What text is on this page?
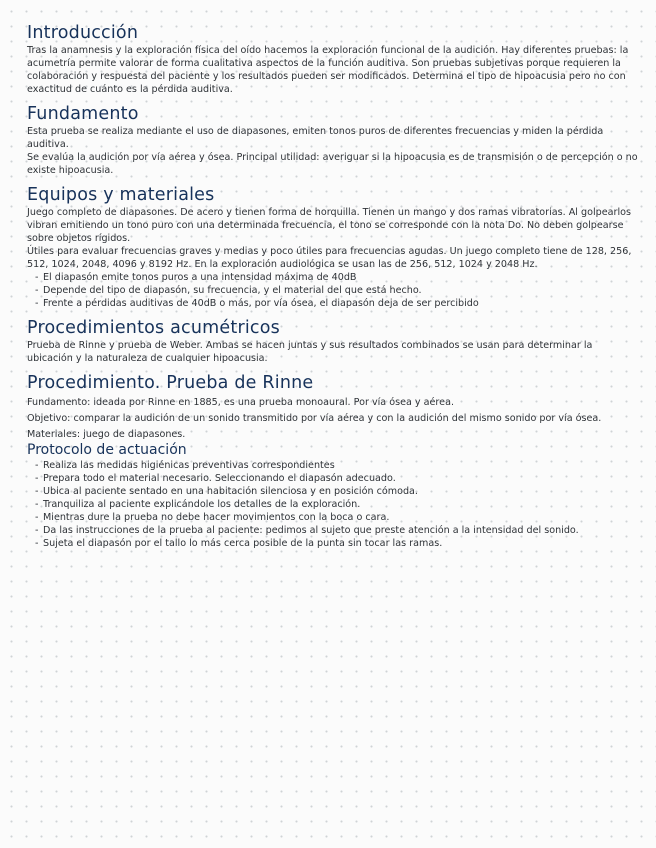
Introducción

Tras la anamnesis y la exploración física del oído hacemos la exploración funcional de la audición. Hay diferentes pruebas: la acumetría permite valorar de forma cualitativa aspectos de la función auditiva. Son pruebas subjetivas porque requieren la colaboración y respuesta del paciente y los resultados pueden ser modificados. Determina el tipo de hipoacusia pero no con exactitud de cuánto es la pérdida auditiva.

Fundamento

Esta prueba se realiza mediante el uso de diapasones, emiten tonos puros de diferentes frecuencias y miden la pérdida auditiva.

Se evalúa la audición por vía aérea y ósea. Principal utilidad: averiguar si la hipoacusia es de transmisión o de percepción o no existe hipoacusia.

Equipos y materiales

Juego completo de diapasones. De acero y tienen forma de horquilla. Tienen un mango y dos ramas vibratorias. Al golpearlos vibran emitiendo un tono puro con una determinada frecuencia, el tono se corresponde con la nota Do. No deben golpearse sobre objetos rígidos.

Útiles para evaluar frecuencias graves y medias y poco útiles para frecuencias agudas. Un juego completo tiene de 128, 256, 512, 1024, 2048, 4096 y 8192 Hz. En la exploración audiológica se usan las de 256, 512, 1024 y 2048 Hz.

- El diapasón emite tonos puros a una intensidad máxima de 40dB
- Depende del tipo de diapasón, su frecuencia, y el material del que está hecho.
- Frente a pérdidas auditivas de 40dB o más, por vía ósea, el diapasón deja de ser percibido
Procedimientos acumétricos

Prueba de Rinne y prueba de Weber. Ambas se hacen juntas y sus resultados combinados se usan para determinar la ubicación y la naturaleza de cualquier hipoacusia.

Procedimiento. Prueba de Rinne

Fundamento: ideada por Rinne en 1885, es una prueba monoaural. Por vía ósea y aérea.

Objetivo: comparar la audición de un sonido transmitido por vía aérea y con la audición del mismo sonido por vía ósea.

Materiales: juego de diapasones.

Protocolo de actuación
- Realiza las medidas higiénicas preventivas correspondientes
- Prepara todo el material necesario. Seleccionando el diapasón adecuado.
- Ubica al paciente sentado en una habitación silenciosa y en posición cómoda.
- Tranquiliza al paciente explicándole los detalles de la exploración.
- Mientras dure la prueba no debe hacer movimientos con la boca o cara.
- Da las instrucciones de la prueba al paciente: pedimos al sujeto que preste atención a la intensidad del sonido.
- Sujeta el diapasón por el tallo lo más cerca posible de la punta sin tocar las ramas.
